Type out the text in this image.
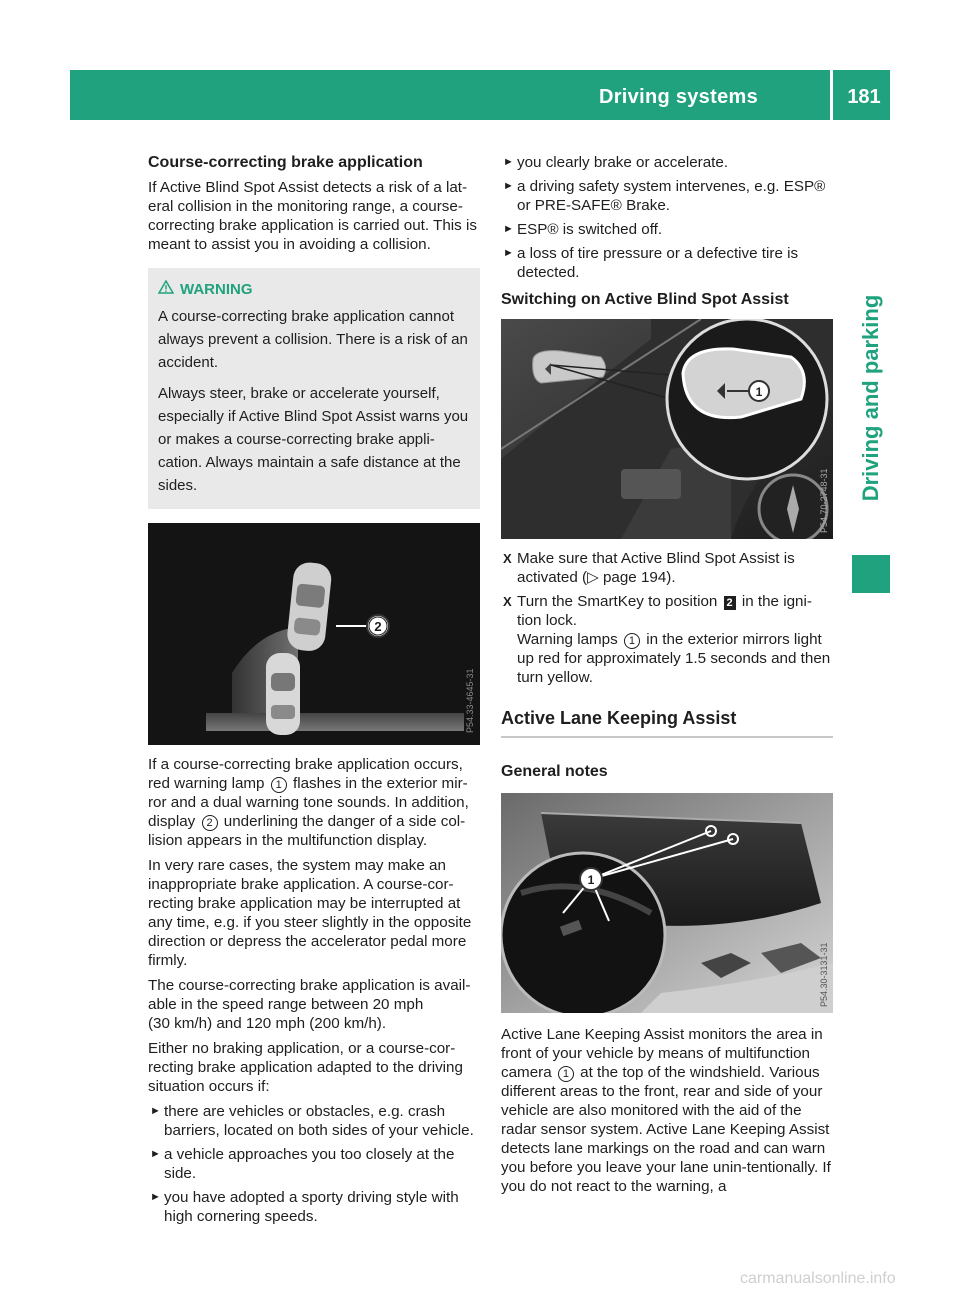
Driving systems	181
Driving and parking
Course-correcting brake application

If Active Blind Spot Assist detects a risk of a lat-eral collision in the monitoring range, a course-correcting brake application is carried out. This is meant to assist you in avoiding a collision.

WARNING

A course-correcting brake application cannot always prevent a collision. There is a risk of an accident.

Always steer, brake or accelerate yourself, especially if Active Blind Spot Assist warns you or makes a course-correcting brake appli-cation. Always maintain a safe distance at the sides.

2
P54.33-4645-31

If a course-correcting brake application occurs, red warning lamp 1 flashes in the exterior mir-ror and a dual warning tone sounds. In addition, display 2 underlining the danger of a side col-lision appears in the multifunction display.

In very rare cases, the system may make an inappropriate brake application. A course-cor-recting brake application may be interrupted at any time, e.g. if you steer slightly in the opposite direction or depress the accelerator pedal more firmly.

The course-correcting brake application is avail-able in the speed range between 20 mph
(30 km/h) and 120 mph (200 km/h).

Either no braking application, or a course-cor-recting brake application adapted to the driving situation occurs if:

► there are vehicles or obstacles, e.g. crash barriers, located on both sides of your vehicle.
► a vehicle approaches you too closely at the side.
► you have adopted a sporty driving style with high cornering speeds.
► you clearly brake or accelerate.
► a driving safety system intervenes, e.g. ESP® or PRE-SAFE® Brake.
► ESP® is switched off.
► a loss of tire pressure or a defective tire is detected.
Switching on Active Blind Spot Assist
1
P54.70-2748-31
X Make sure that Active Blind Spot Assist is activated (▷ page 194).
X Turn the SmartKey to position 2 in the igni-tion lock.
Warning lamps 1 in the exterior mirrors light up red for approximately 1.5 seconds and then turn yellow.
Active Lane Keeping Assist
General notes
1
P54.30-3131-31

Active Lane Keeping Assist monitors the area in front of your vehicle by means of multifunction camera 1 at the top of the windshield. Various different areas to the front, rear and side of your vehicle are also monitored with the aid of the radar sensor system. Active Lane Keeping Assist detects lane markings on the road and can warn you before you leave your lane unin-tentionally. If you do not react to the warning, a

carmanualsonline.info
